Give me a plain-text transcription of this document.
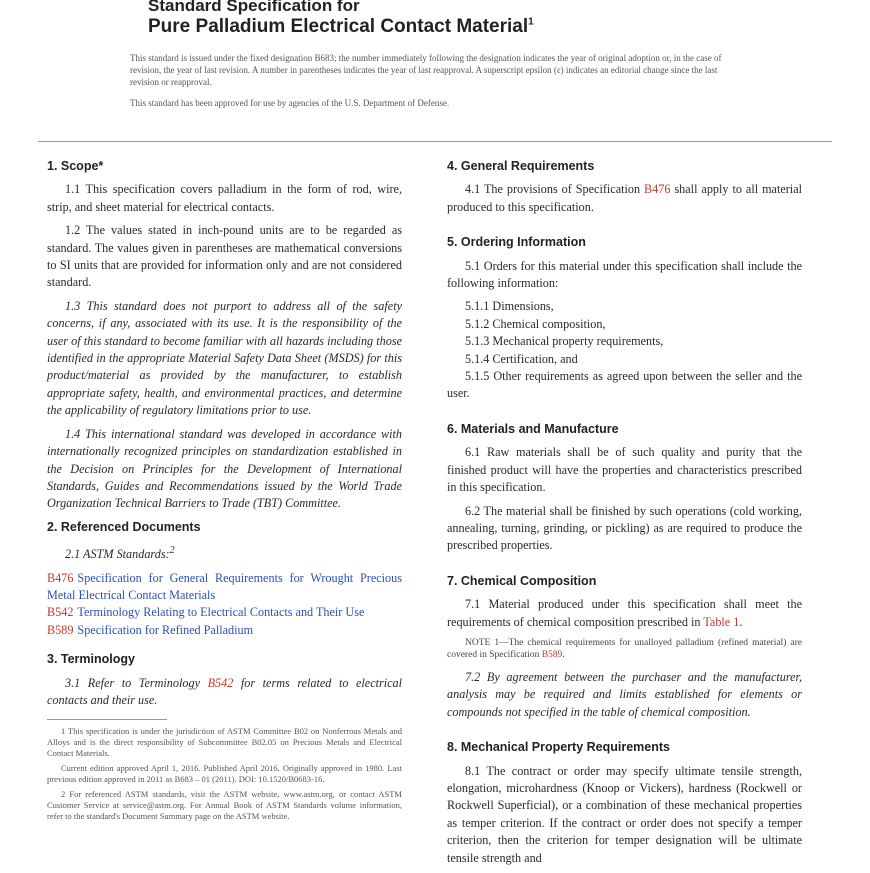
Standard Specification for

Pure Palladium Electrical Contact Material$^1$

This standard is issued under the fixed designation B683; the number immediately following the designation indicates the year of original adoption or, in the case of revision, the year of last revision. A number in parentheses indicates the year of last reapproval. A superscript epsilon (ε) indicates an editorial change since the last revision or reapproval.
This standard has been approved for use by agencies of the U.S. Department of Defense.
1. Scope*

1.1 This specification covers palladium in the form of rod, wire, strip, and sheet material for electrical contacts.

1.2 The values stated in inch-pound units are to be regarded as standard. The values given in parentheses are mathematical conversions to SI units that are provided for information only and are not considered standard.

1.3 This standard does not purport to address all of the safety concerns, if any, associated with its use. It is the responsibility of the user of this standard to become familiar with all hazards including those identified in the appropriate Material Safety Data Sheet (MSDS) for this product/material as provided by the manufacturer, to establish appropriate safety, health, and environmental practices, and determine the applicability of regulatory limitations prior to use.

1.4 This international standard was developed in accordance with internationally recognized principles on standardization established in the Decision on Principles for the Development of International Standards, Guides and Recommendations issued by the World Trade Organization Technical Barriers to Trade (TBT) Committee.

2. Referenced Documents

2.1 ASTM Standards:$^2$

B476 Specification for General Requirements for Wrought Precious Metal Electrical Contact Materials

B542 Terminology Relating to Electrical Contacts and Their Use

B589 Specification for Refined Palladium

3. Terminology

3.1 Refer to Terminology B542 for terms related to electrical contacts and their use.

1 This specification is under the jurisdiction of ASTM Committee B02 on Nonferrous Metals and Alloys and is the direct responsibility of Subcommittee B02.05 on Precious Metals and Electrical Contact Materials.

Current edition approved April 1, 2016. Published April 2016. Originally approved in 1980. Last previous edition approved in 2011 as B683 – 01 (2011). DOI: 10.1520/B0683-16.

2 For referenced ASTM standards, visit the ASTM website, www.astm.org, or contact ASTM Customer Service at service@astm.org. For Annual Book of ASTM Standards volume information, refer to the standard's Document Summary page on the ASTM website.

4. General Requirements

4.1 The provisions of Specification B476 shall apply to all material produced to this specification.

5. Ordering Information

5.1 Orders for this material under this specification shall include the following information:

5.1.1 Dimensions,

5.1.2 Chemical composition,

5.1.3 Mechanical property requirements,

5.1.4 Certification, and

5.1.5 Other requirements as agreed upon between the seller and the user.

6. Materials and Manufacture

6.1 Raw materials shall be of such quality and purity that the finished product will have the properties and characteristics prescribed in this specification.

6.2 The material shall be finished by such operations (cold working, annealing, turning, grinding, or pickling) as are required to produce the prescribed properties.

7. Chemical Composition

7.1 Material produced under this specification shall meet the requirements of chemical composition prescribed in Table 1.

NOTE 1—The chemical requirements for unalloyed palladium (refined material) are covered in Specification B589.

7.2 By agreement between the purchaser and the manufacturer, analysis may be required and limits established for elements or compounds not specified in the table of chemical composition.

8. Mechanical Property Requirements

8.1 The contract or order may specify ultimate tensile strength, elongation, microhardness (Knoop or Vickers), hardness (Rockwell or Rockwell Superficial), or a combination of these mechanical properties as temper criterion. If the contract or order does not specify a temper criterion, then the criterion for temper designation will be ultimate tensile strength and
